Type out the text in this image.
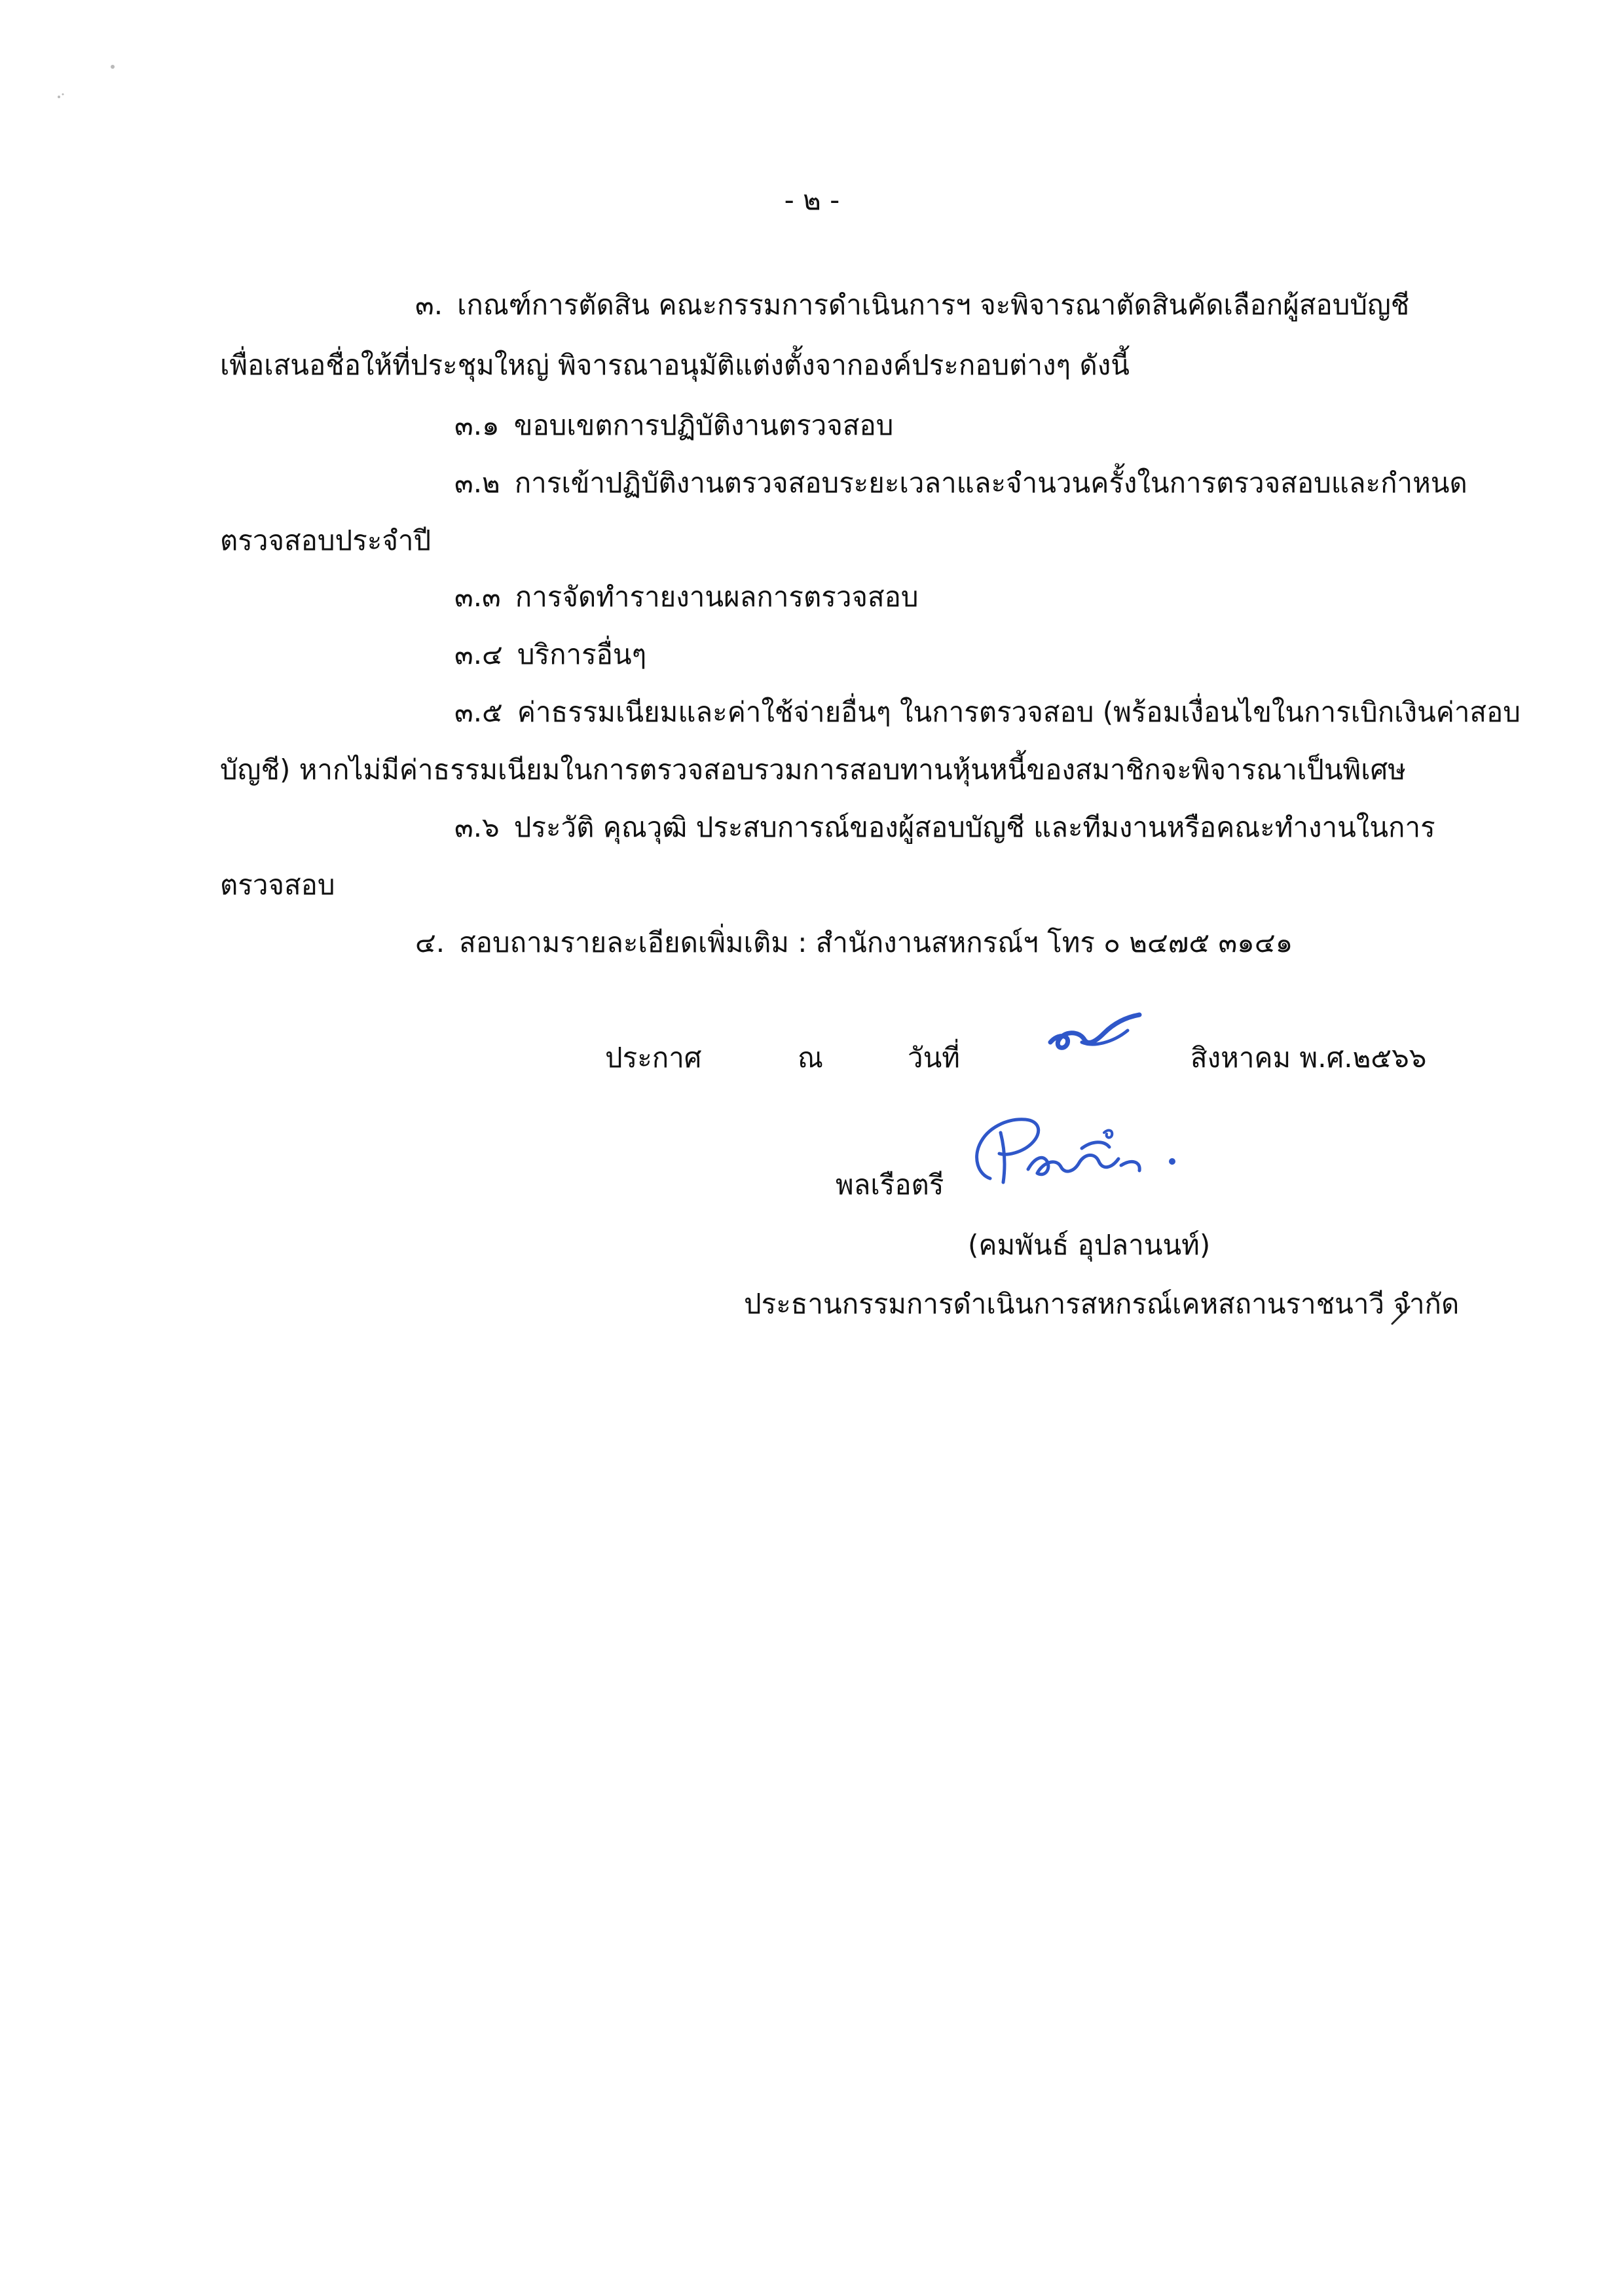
- ๒ -
๓. เกณฑ์การตัดสิน คณะกรรมการดำเนินการฯ จะพิจารณาตัดสินคัดเลือกผู้สอบบัญชี
เพื่อเสนอชื่อให้ที่ประชุมใหญ่ พิจารณาอนุมัติแต่งตั้งจากองค์ประกอบต่างๆ ดังนี้
๓.๑ ขอบเขตการปฏิบัติงานตรวจสอบ
๓.๒ การเข้าปฏิบัติงานตรวจสอบระยะเวลาและจำนวนครั้งในการตรวจสอบและกำหนด
ตรวจสอบประจำปี
๓.๓ การจัดทำรายงานผลการตรวจสอบ
๓.๔ บริการอื่นๆ
๓.๕ ค่าธรรมเนียมและค่าใช้จ่ายอื่นๆ ในการตรวจสอบ (พร้อมเงื่อนไขในการเบิกเงินค่าสอบ
บัญชี) หากไม่มีค่าธรรมเนียมในการตรวจสอบรวมการสอบทานหุ้นหนี้ของสมาชิกจะพิจารณาเป็นพิเศษ
๓.๖ ประวัติ คุณวุฒิ ประสบการณ์ของผู้สอบบัญชี และทีมงานหรือคณะทำงานในการ
ตรวจสอบ
๔. สอบถามรายละเอียดเพิ่มเติม : สำนักงานสหกรณ์ฯ โทร ๐ ๒๔๗๕ ๓๑๔๑
ประกาศ	ณ	วันที่	สิงหาคม พ.ศ.๒๕๖๖
พลเรือตรี
(คมพันธ์ อุปลานนท์)
ประธานกรรมการดำเนินการสหกรณ์เคหสถานราชนาวี จำกัด
